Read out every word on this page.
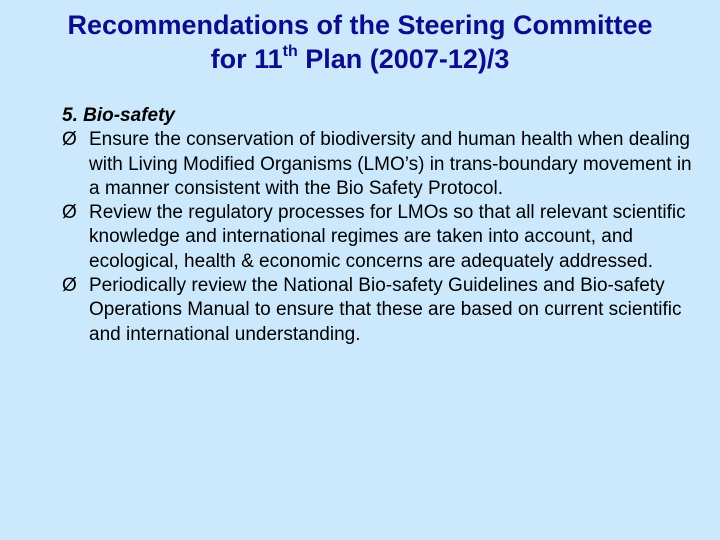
Recommendations of the Steering Committee
for 11th Plan (2007-12)/3
5. Bio-safety
Ø Ensure the conservation of biodiversity and human health when dealing with Living Modified Organisms (LMO’s) in trans-boundary movement in a manner consistent with the Bio Safety Protocol.
Ø Review the regulatory processes for LMOs so that all relevant scientific knowledge and international regimes are taken into account, and ecological, health & economic concerns are adequately addressed.
Ø Periodically review the National Bio-safety Guidelines and Bio-safety Operations Manual to ensure that these are based on current scientific and international understanding.
